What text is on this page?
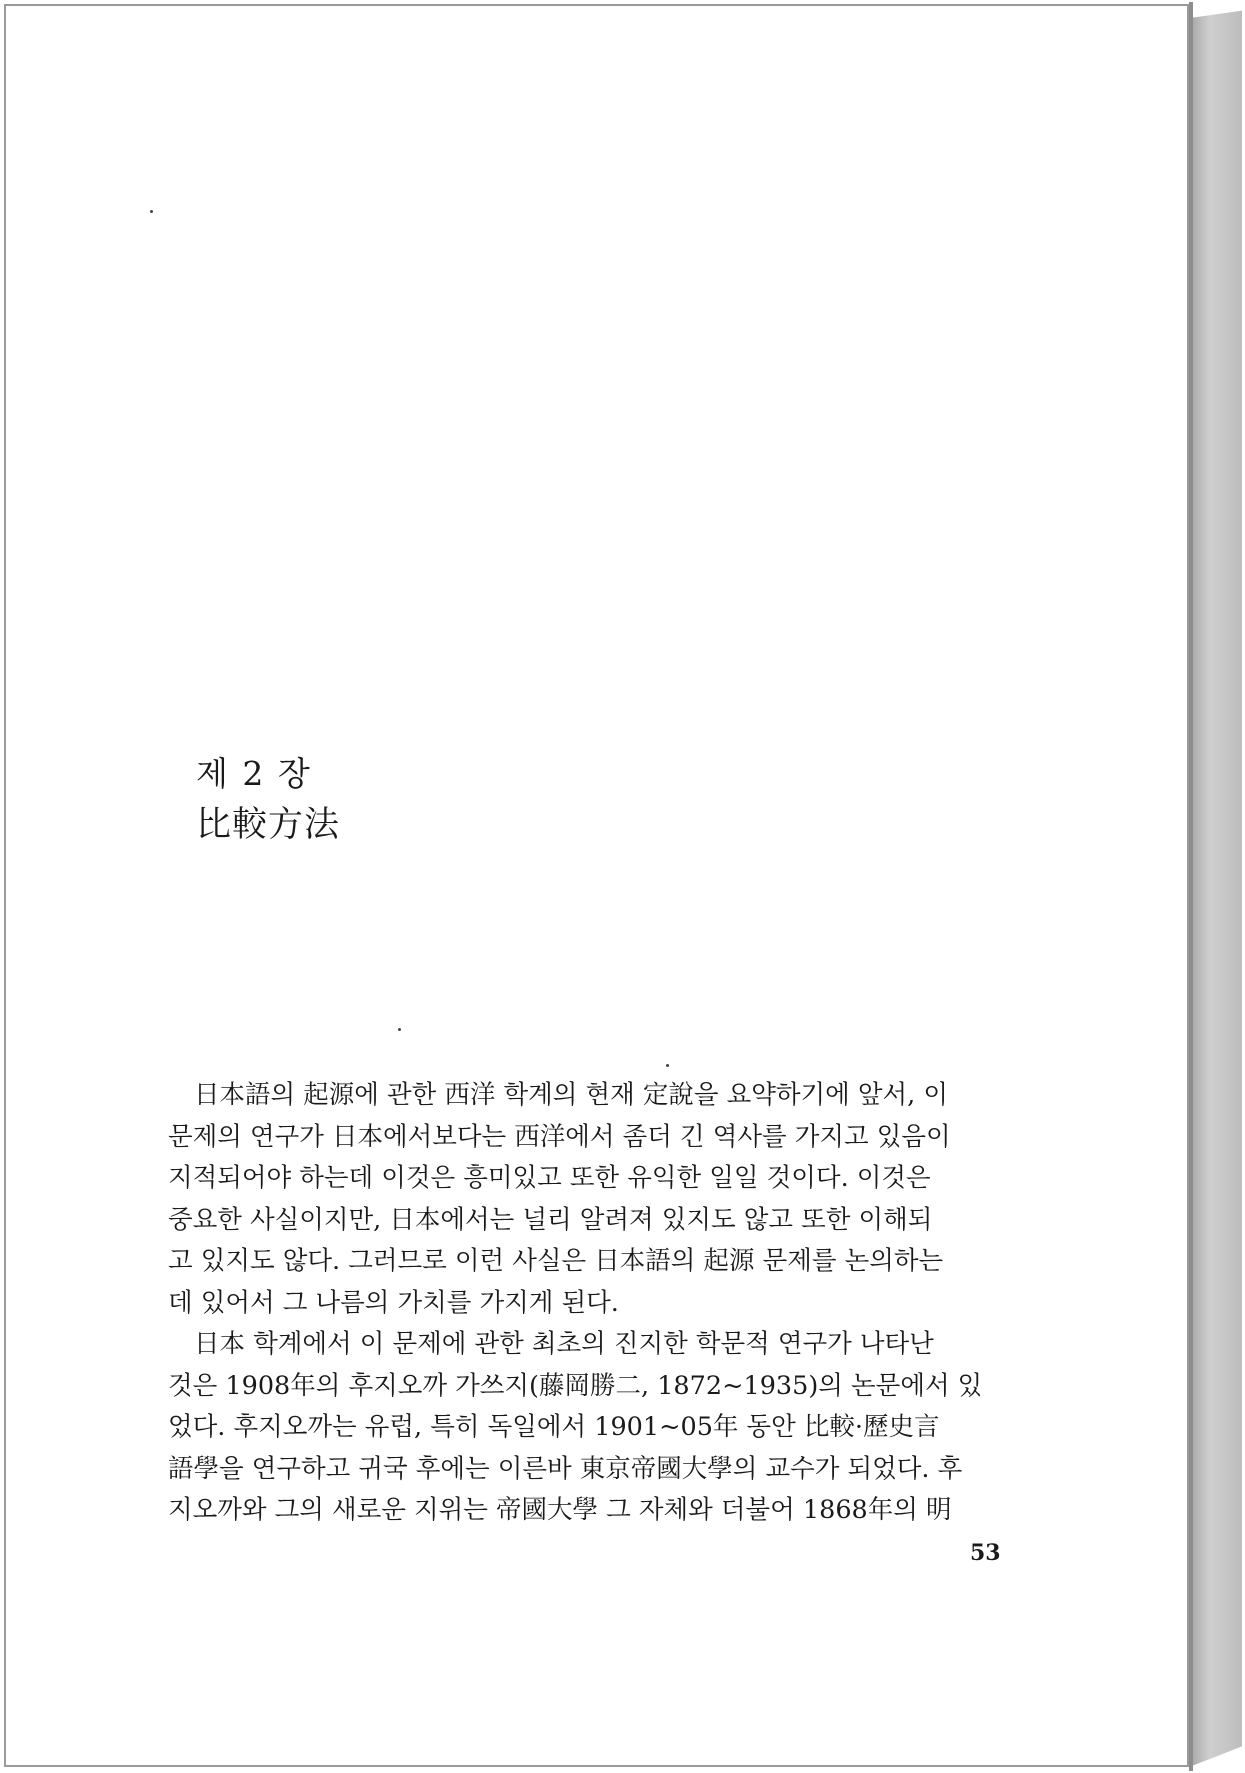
제 2 장
比較方法
日本語의 起源에 관한 西洋 학계의 현재 定說을 요약하기에 앞서, 이
문제의 연구가 日本에서보다는 西洋에서 좀더 긴 역사를 가지고 있음이
지적되어야 하는데 이것은 흥미있고 또한 유익한 일일 것이다. 이것은
중요한 사실이지만, 日本에서는 널리 알려져 있지도 않고 또한 이해되
고 있지도 않다. 그러므로 이런 사실은 日本語의 起源 문제를 논의하는
데 있어서 그 나름의 가치를 가지게 된다.
日本 학계에서 이 문제에 관한 최초의 진지한 학문적 연구가 나타난
것은 1908年의 후지오까 가쓰지(藤岡勝二, 1872~1935)의 논문에서 있
었다. 후지오까는 유럽, 특히 독일에서 1901~05年 동안 比較·歷史言
語學을 연구하고 귀국 후에는 이른바 東京帝國大學의 교수가 되었다. 후
지오까와 그의 새로운 지위는 帝國大學 그 자체와 더불어 1868年의 明
53
